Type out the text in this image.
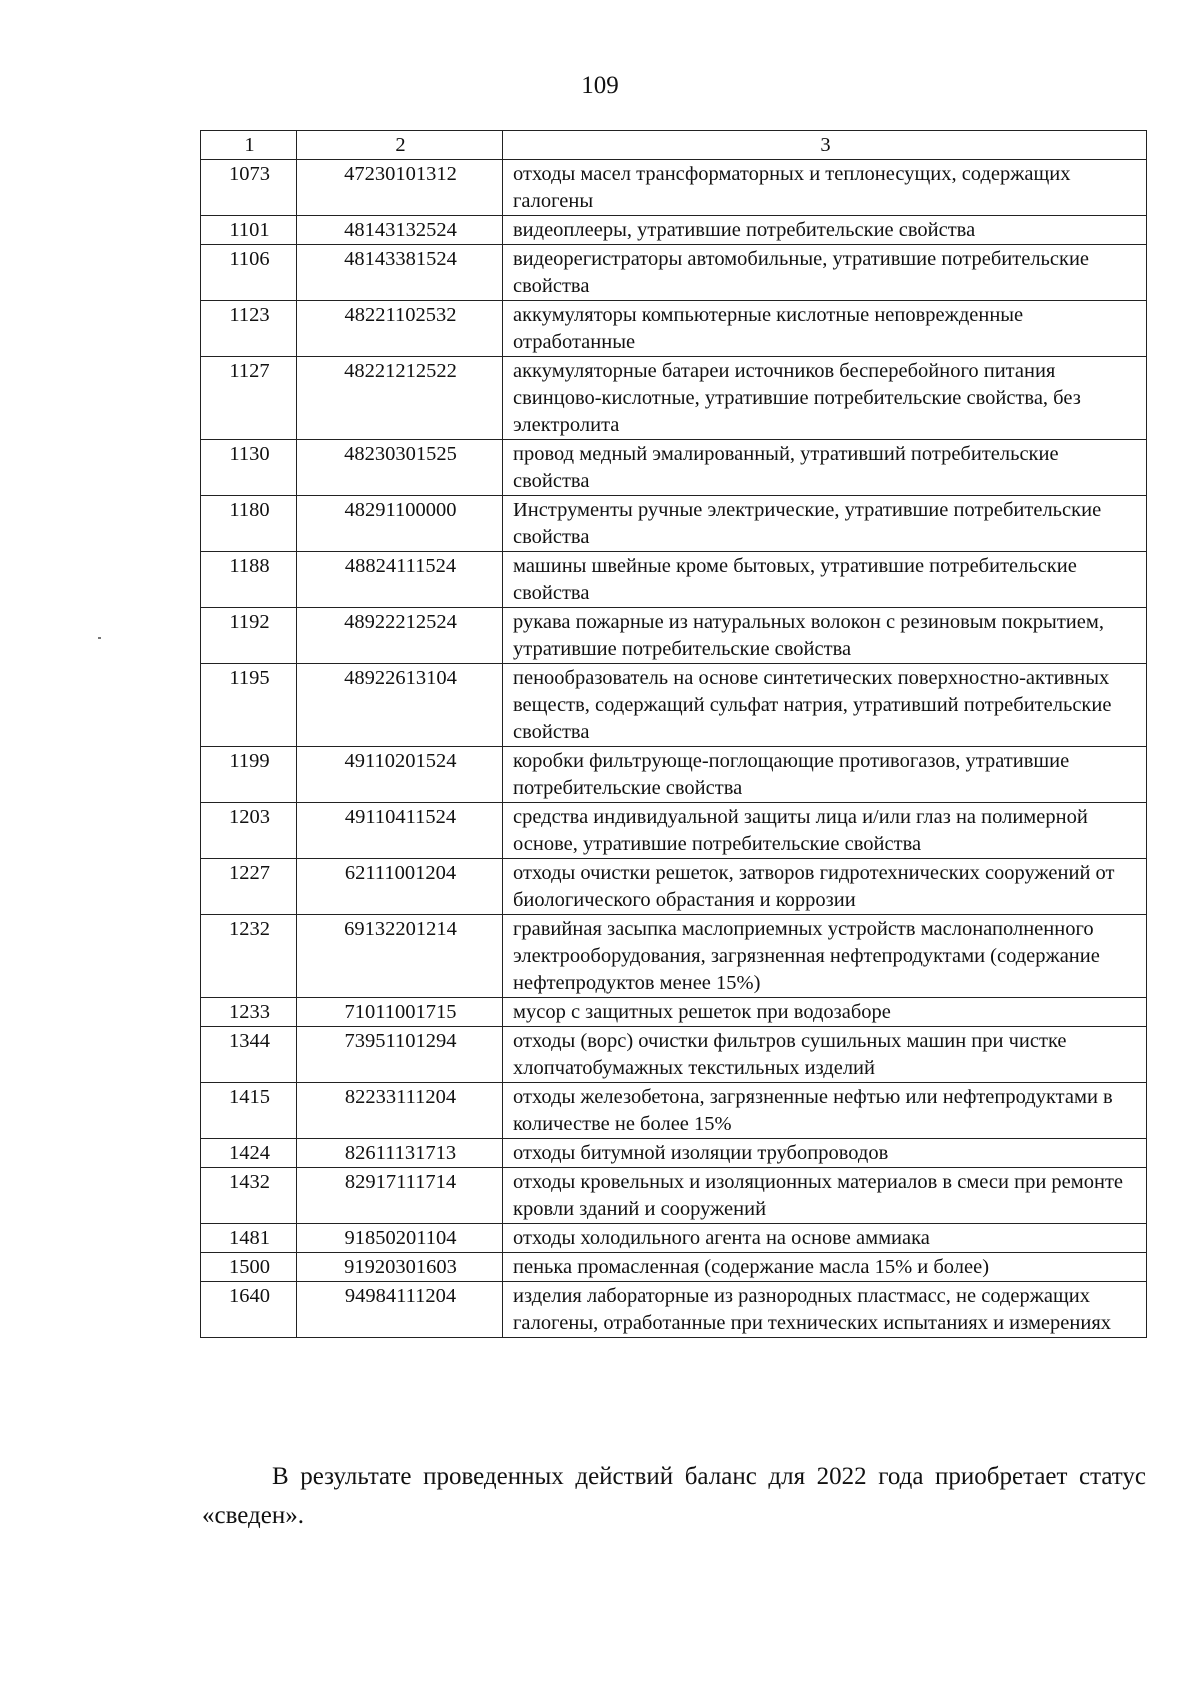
109
1	2	3
1073	47230101312	отходы масел трансформаторных и теплонесущих, содержащих галогены
1101	48143132524	видеоплееры, утратившие потребительские свойства
1106	48143381524	видеорегистраторы автомобильные, утратившие потребительские свойства
1123	48221102532	аккумуляторы компьютерные кислотные неповрежденные отработанные
1127	48221212522	аккумуляторные батареи источников бесперебойного питания свинцово-кислотные, утратившие потребительские свойства, без электролита
1130	48230301525	провод медный эмалированный, утративший потребительские свойства
1180	48291100000	Инструменты ручные электрические, утратившие потребительские свойства
1188	48824111524	машины швейные кроме бытовых, утратившие потребительские свойства
1192	48922212524	рукава пожарные из натуральных волокон с резиновым покрытием, утратившие потребительские свойства
1195	48922613104	пенообразователь на основе синтетических поверхностно-активных веществ, содержащий сульфат натрия, утративший потребительские свойства
1199	49110201524	коробки фильтрующе-поглощающие противогазов, утратившие потребительские свойства
1203	49110411524	средства индивидуальной защиты лица и/или глаз на полимерной основе, утратившие потребительские свойства
1227	62111001204	отходы очистки решеток, затворов гидротехнических сооружений от биологического обрастания и коррозии
1232	69132201214	гравийная засыпка маслоприемных устройств маслонаполненного электрооборудования, загрязненная нефтепродуктами (содержание нефтепродуктов менее 15%)
1233	71011001715	мусор с защитных решеток при водозаборе
1344	73951101294	отходы (ворс) очистки фильтров сушильных машин при чистке хлопчатобумажных текстильных изделий
1415	82233111204	отходы железобетона, загрязненные нефтью или нефтепродуктами в количестве не более 15%
1424	82611131713	отходы битумной изоляции трубопроводов
1432	82917111714	отходы кровельных и изоляционных материалов в смеси при ремонте кровли зданий и сооружений
1481	91850201104	отходы холодильного агента на основе аммиака
1500	91920301603	пенька промасленная (содержание масла 15% и более)
1640	94984111204	изделия лабораторные из разнородных пластмасс, не содержащих галогены, отработанные при технических испытаниях и измерениях
В результате проведенных действий баланс для 2022 года приобретает статус «сведен».
